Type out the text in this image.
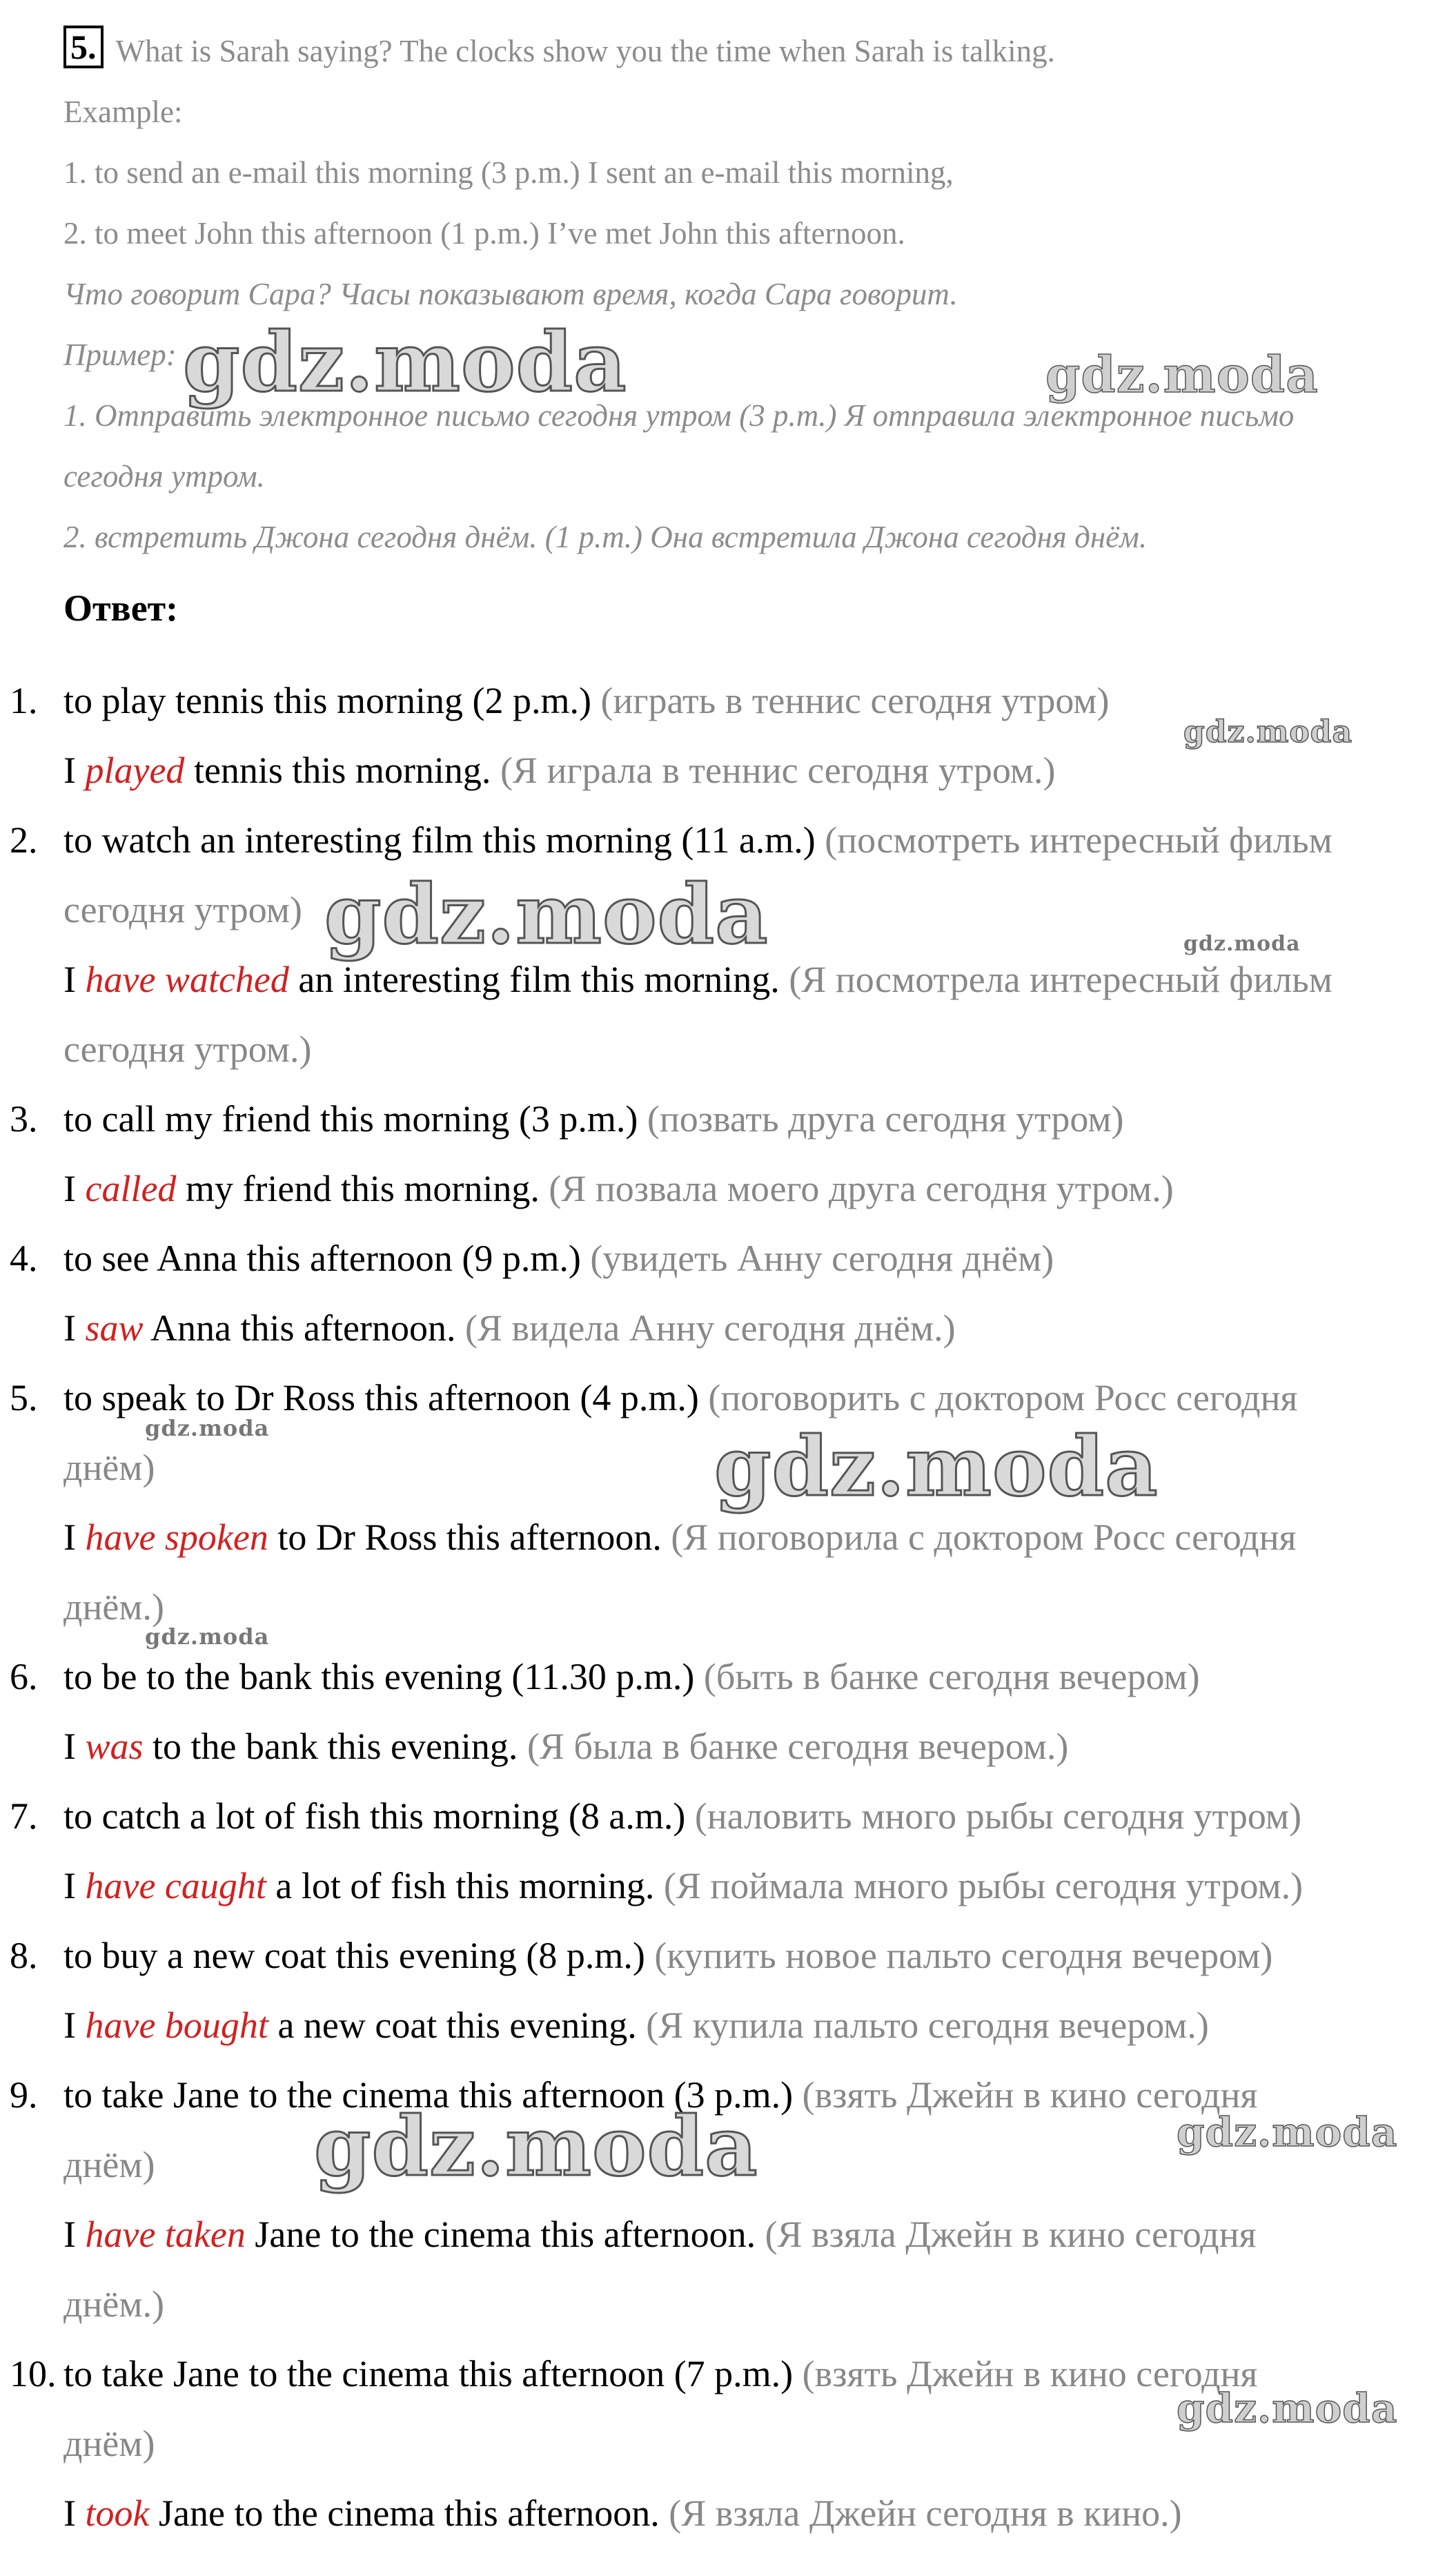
5. What is Sarah saying? The clocks show you the time when Sarah is talking.
Example:
1. to send an e-mail this morning (3 p.m.) I sent an e-mail this morning,
2. to meet John this afternoon (1 p.m.) I’ve met John this afternoon.
Что говорит Сара? Часы показывают время, когда Сара говорит.
Пример:
1. Отправить электронное письмо сегодня утром (3 p.m.) Я отправила электронное письмо
сегодня утром.
2. встретить Джона сегодня днём. (1 p.m.) Она встретила Джона сегодня днём.
Ответ:
1. to play tennis this morning (2 p.m.) (играть в теннис сегодня утром)
I played tennis this morning. (Я играла в теннис сегодня утром.)
2. to watch an interesting film this morning (11 a.m.) (посмотреть интересный фильм
сегодня утром)
I have watched an interesting film this morning. (Я посмотрела интересный фильм
сегодня утром.)
3. to call my friend this morning (3 p.m.) (позвать друга сегодня утром)
I called my friend this morning. (Я позвала моего друга сегодня утром.)
4. to see Anna this afternoon (9 p.m.) (увидеть Анну сегодня днём)
I saw Anna this afternoon. (Я видела Анну сегодня днём.)
5. to speak to Dr Ross this afternoon (4 p.m.) (поговорить с доктором Росс сегодня
днём)
I have spoken to Dr Ross this afternoon. (Я поговорила с доктором Росс сегодня
днём.)
6. to be to the bank this evening (11.30 p.m.) (быть в банке сегодня вечером)
I was to the bank this evening. (Я была в банке сегодня вечером.)
7. to catch a lot of fish this morning (8 a.m.) (наловить много рыбы сегодня утром)
I have caught a lot of fish this morning. (Я поймала много рыбы сегодня утром.)
8. to buy a new coat this evening (8 p.m.) (купить новое пальто сегодня вечером)
I have bought a new coat this evening. (Я купила пальто сегодня вечером.)
9. to take Jane to the cinema this afternoon (3 p.m.) (взять Джейн в кино сегодня
днём)
I have taken Jane to the cinema this afternoon. (Я взяла Джейн в кино сегодня
днём.)
10. to take Jane to the cinema this afternoon (7 p.m.) (взять Джейн в кино сегодня
днём)
I took Jane to the cinema this afternoon. (Я взяла Джейн сегодня в кино.)
gdz.moda	gdz.moda
gdz.moda
gdz.moda	gdz.moda
gdz.moda	gdz.moda
gdz.moda
gdz.moda	gdz.moda
gdz.moda
